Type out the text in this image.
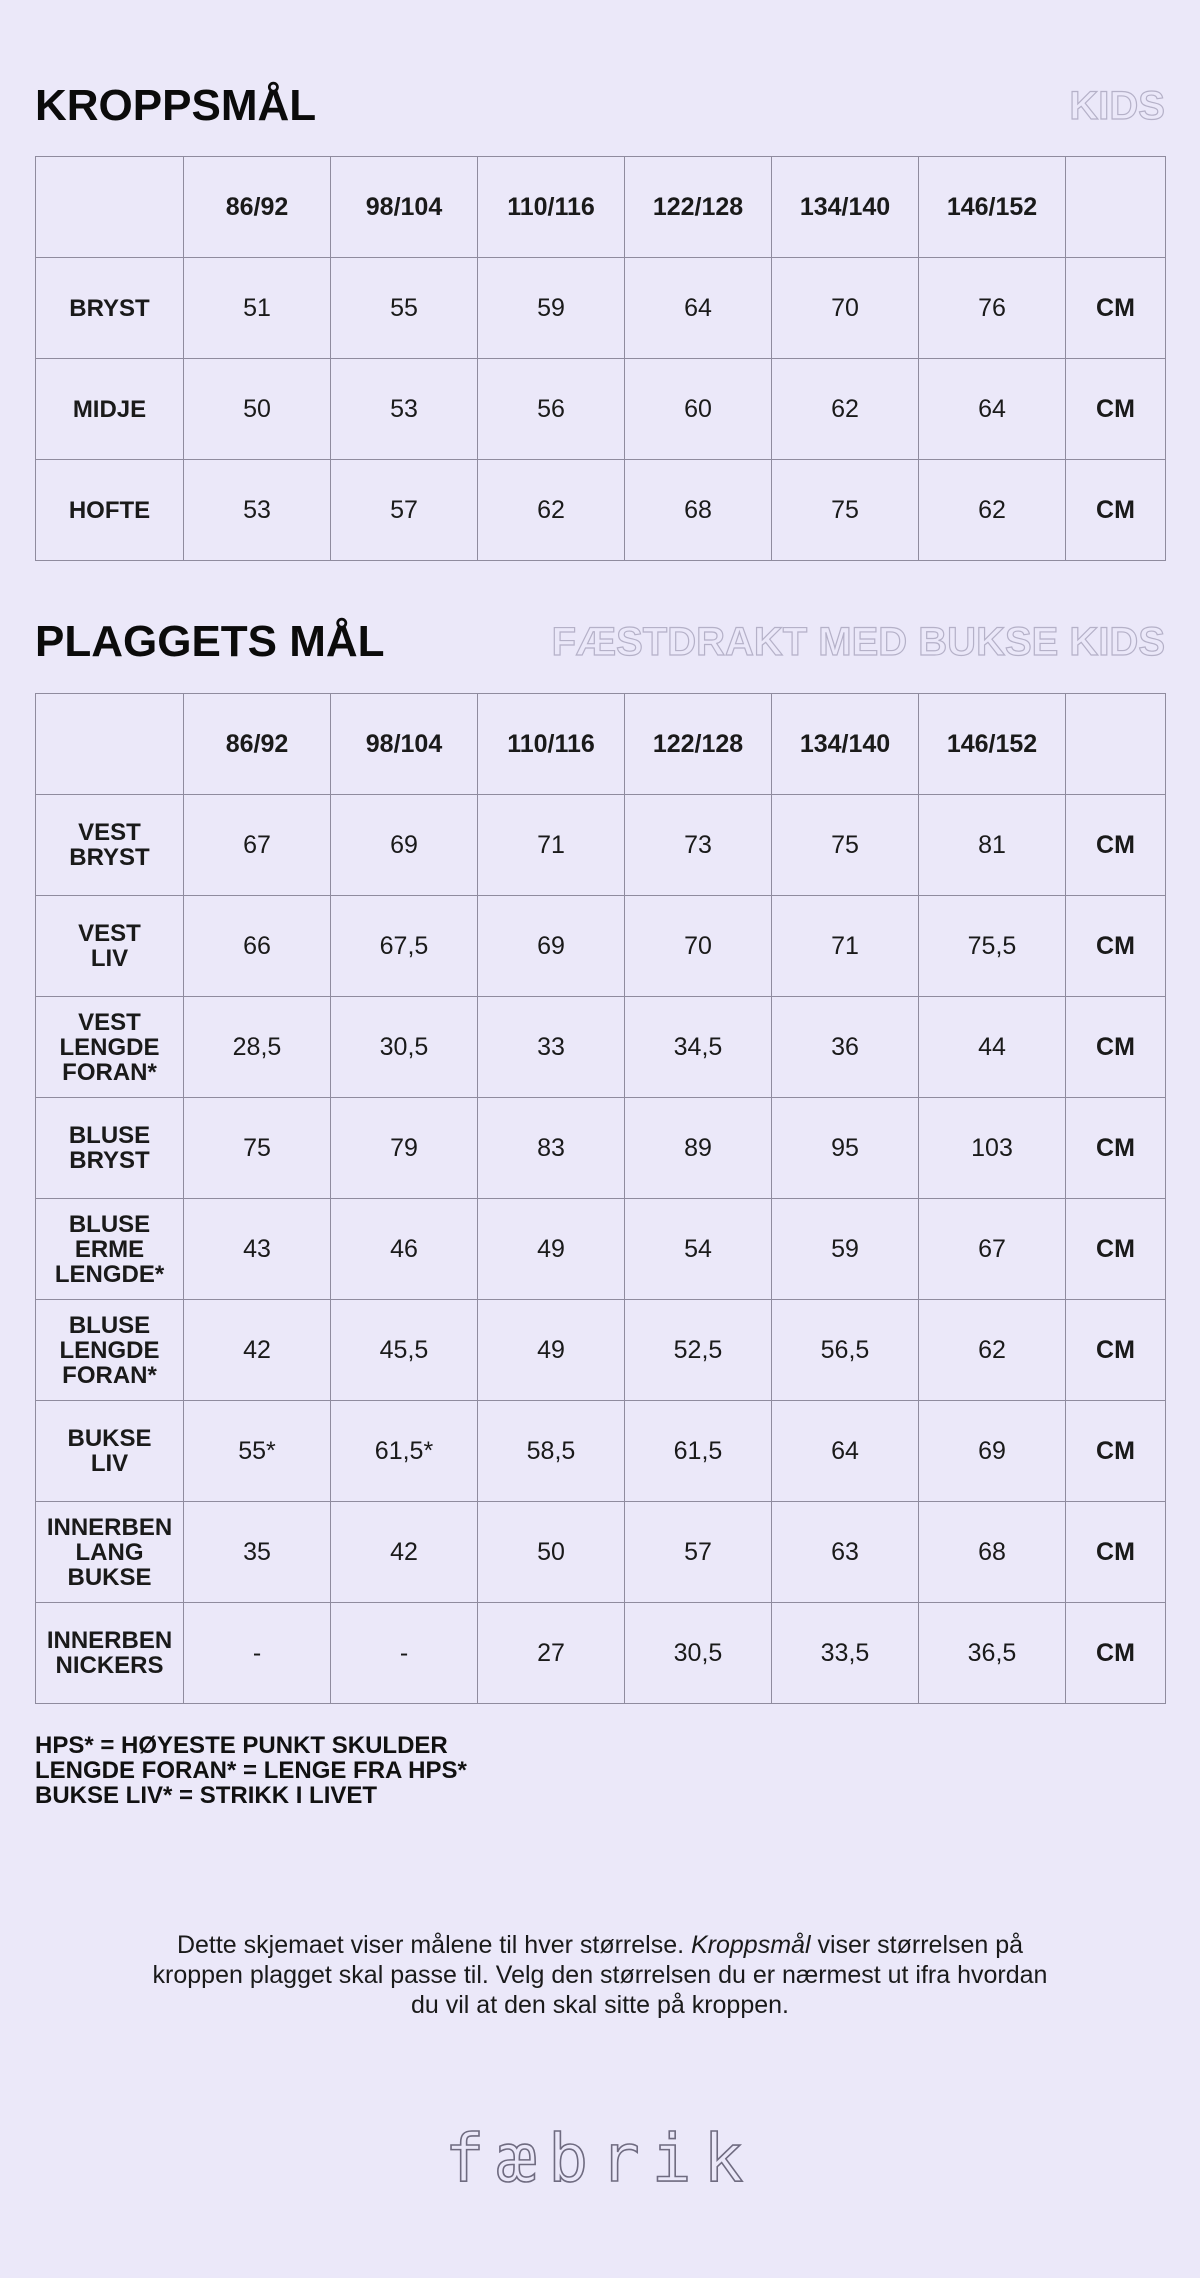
KROPPSMÅL	KIDS
	86/92	98/104	110/116	122/128	134/140	146/152	
BRYST	51	55	59	64	70	76	CM
MIDJE	50	53	56	60	62	64	CM
HOFTE	53	57	62	68	75	62	CM
PLAGGETS MÅL	FÆSTDRAKT MED BUKSE KIDS
	86/92	98/104	110/116	122/128	134/140	146/152	
VEST
BRYST	67	69	71	73	75	81	CM
VEST
LIV	66	67,5	69	70	71	75,5	CM
VEST
LENGDE
FORAN*	28,5	30,5	33	34,5	36	44	CM
BLUSE
BRYST	75	79	83	89	95	103	CM
BLUSE
ERME
LENGDE*	43	46	49	54	59	67	CM
BLUSE
LENGDE
FORAN*	42	45,5	49	52,5	56,5	62	CM
BUKSE
LIV	55*	61,5*	58,5	61,5	64	69	CM
INNERBEN
LANG
BUKSE	35	42	50	57	63	68	CM
INNERBEN
NICKERS	-	-	27	30,5	33,5	36,5	CM
HPS* = HØYESTE PUNKT SKULDER
LENGDE FORAN* = LENGE FRA HPS*
BUKSE LIV* = STRIKK I LIVET
Dette skjemaet viser målene til hver størrelse. Kroppsmål viser størrelsen på kroppen plagget skal passe til. Velg den størrelsen du er nærmest ut ifra hvordan du vil at den skal sitte på kroppen.
fæbrik
